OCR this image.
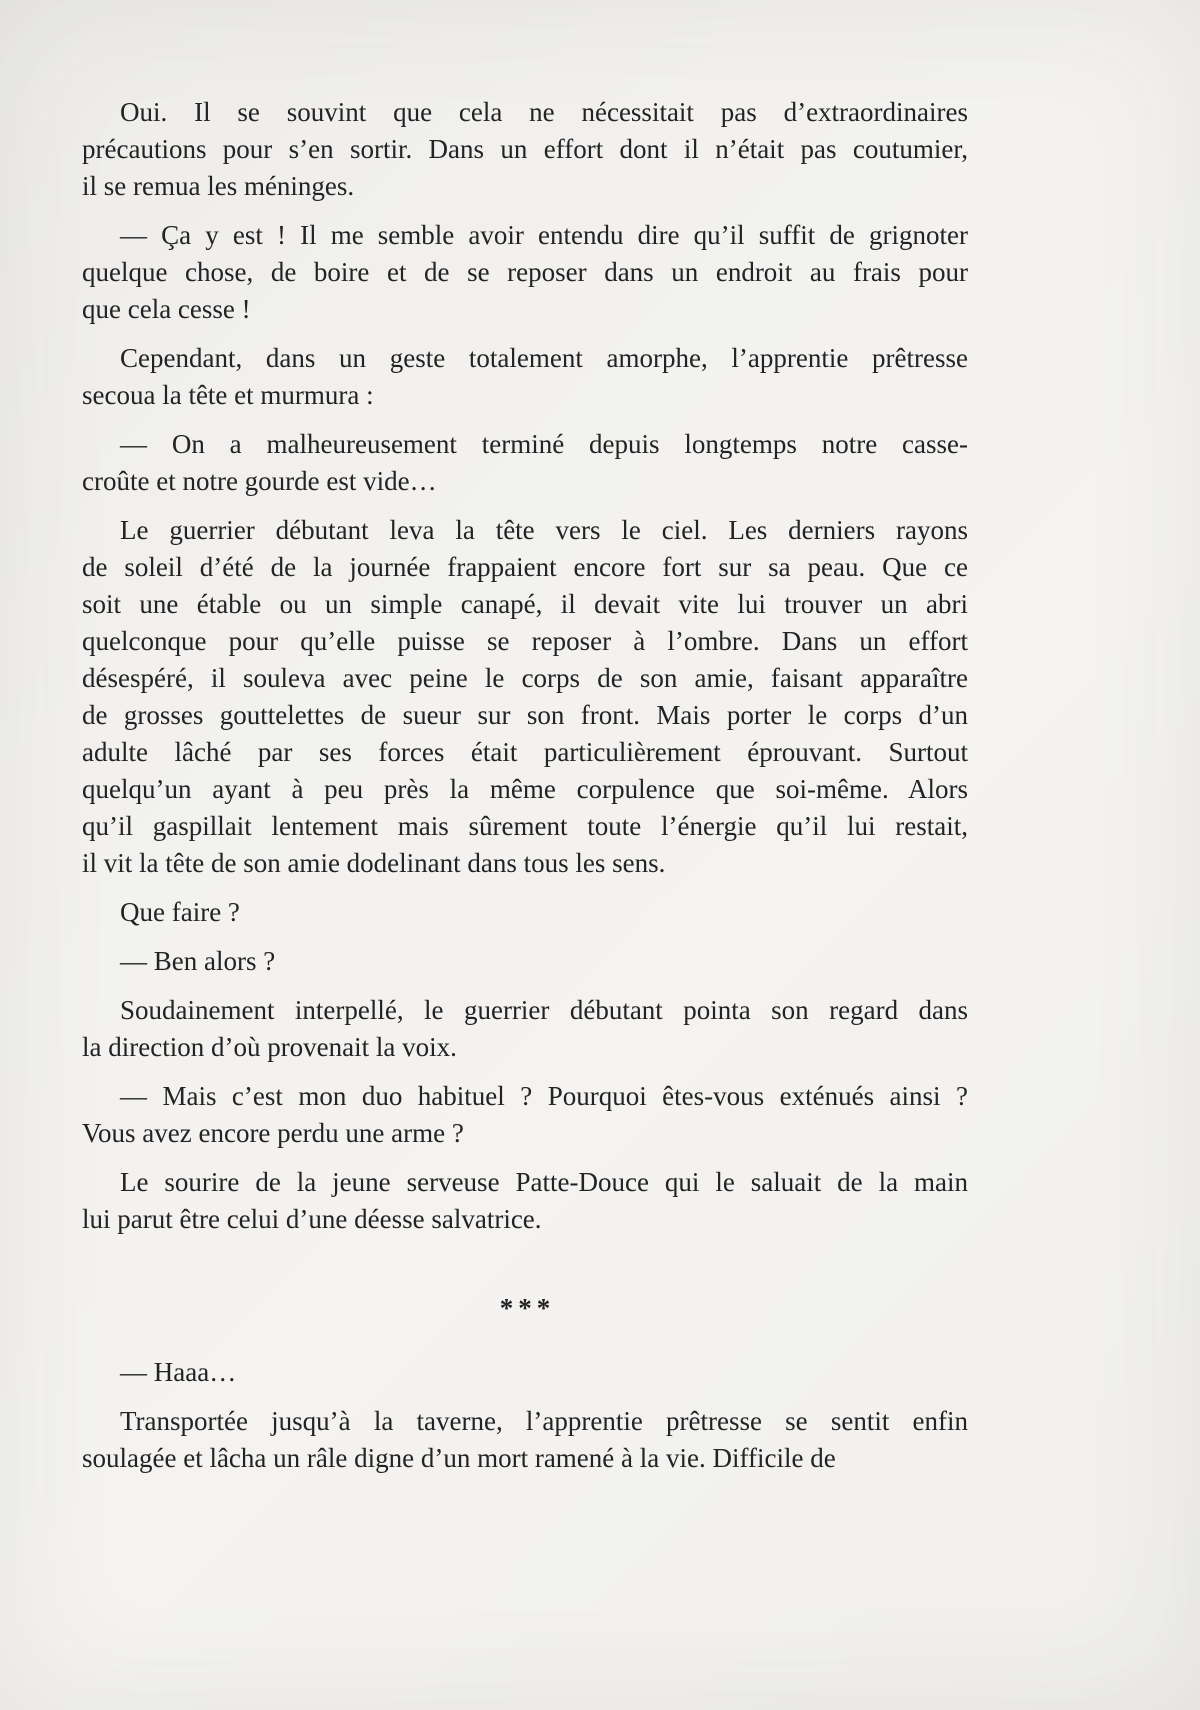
Oui. Il se souvint que cela ne nécessitait pas d’extraordinaires
précautions pour s’en sortir. Dans un effort dont il n’était pas coutumier,
il se remua les méninges.
— Ça y est ! Il me semble avoir entendu dire qu’il suffit de grignoter
quelque chose, de boire et de se reposer dans un endroit au frais pour
que cela cesse !
Cependant, dans un geste totalement amorphe, l’apprentie prêtresse
secoua la tête et murmura :
— On a malheureusement terminé depuis longtemps notre casse-
croûte et notre gourde est vide…
Le guerrier débutant leva la tête vers le ciel. Les derniers rayons
de soleil d’été de la journée frappaient encore fort sur sa peau. Que ce
soit une étable ou un simple canapé, il devait vite lui trouver un abri
quelconque pour qu’elle puisse se reposer à l’ombre. Dans un effort
désespéré, il souleva avec peine le corps de son amie, faisant apparaître
de grosses gouttelettes de sueur sur son front. Mais porter le corps d’un
adulte lâché par ses forces était particulièrement éprouvant. Surtout
quelqu’un ayant à peu près la même corpulence que soi-même. Alors
qu’il gaspillait lentement mais sûrement toute l’énergie qu’il lui restait,
il vit la tête de son amie dodelinant dans tous les sens.
Que faire ?
— Ben alors ?
Soudainement interpellé, le guerrier débutant pointa son regard dans
la direction d’où provenait la voix.
— Mais c’est mon duo habituel ? Pourquoi êtes-vous exténués ainsi ?
Vous avez encore perdu une arme ?
Le sourire de la jeune serveuse Patte-Douce qui le saluait de la main
lui parut être celui d’une déesse salvatrice.
***
— Haaa…
Transportée jusqu’à la taverne, l’apprentie prêtresse se sentit enfin
soulagée et lâcha un râle digne d’un mort ramené à la vie. Difficile de
